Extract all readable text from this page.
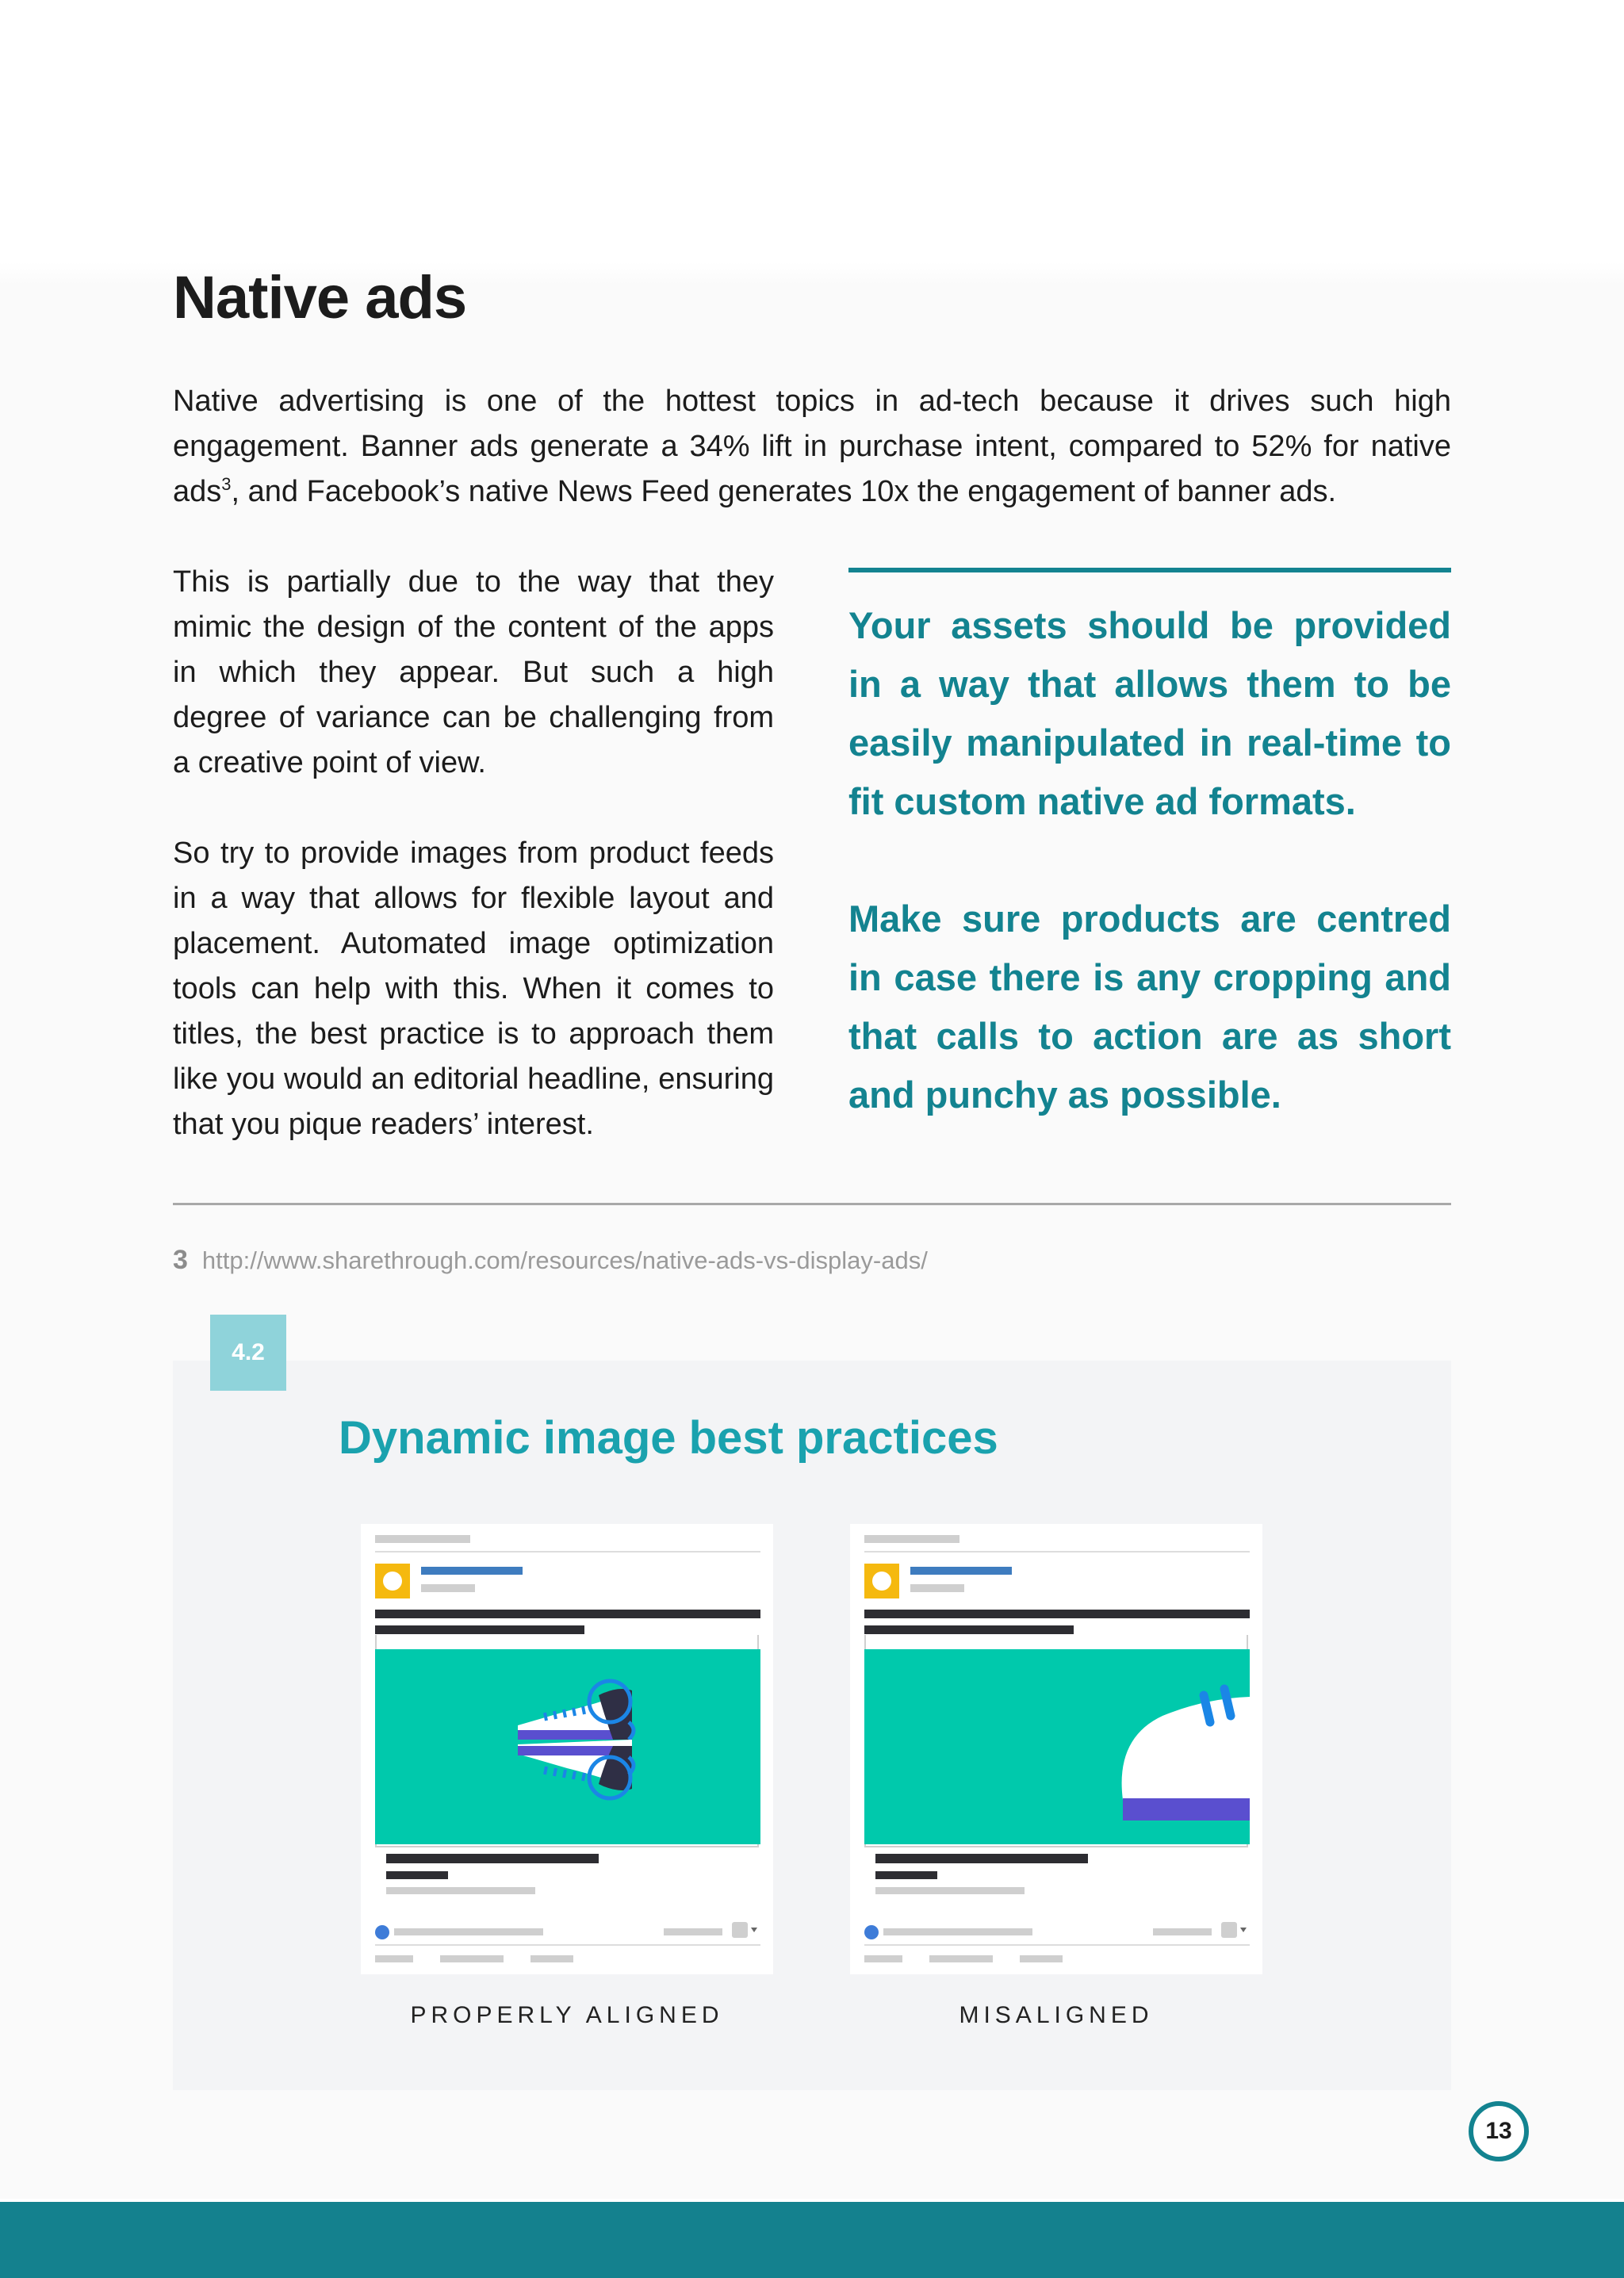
Native ads

Native advertising is one of the hottest topics in ad-tech because it drives such high engagement. Banner ads generate a 34% lift in purchase intent, compared to 52% for native ads$^3$, and Facebook’s native News Feed generates 10x the engagement of banner ads.

This is partially due to the way that they mimic the design of the content of the apps in which they appear. But such a high degree of variance can be challenging from a creative point of view.

So try to provide images from product feeds in a way that allows for flexible layout and placement. Automated image optimization tools can help with this. When it comes to titles, the best practice is to approach them like you would an editorial headline, ensuring that you pique readers’ interest.

Your assets should be provided in a way that allows them to be easily manipulated in real-time to fit custom native ad formats.

Make sure products are centred in case there is any cropping and that calls to action are as short and punchy as possible.

3 http://www.sharethrough.com/resources/native-ads-vs-display-ads/
4.2
Dynamic image best practices
PROPERLY ALIGNED	MISALIGNED
13
